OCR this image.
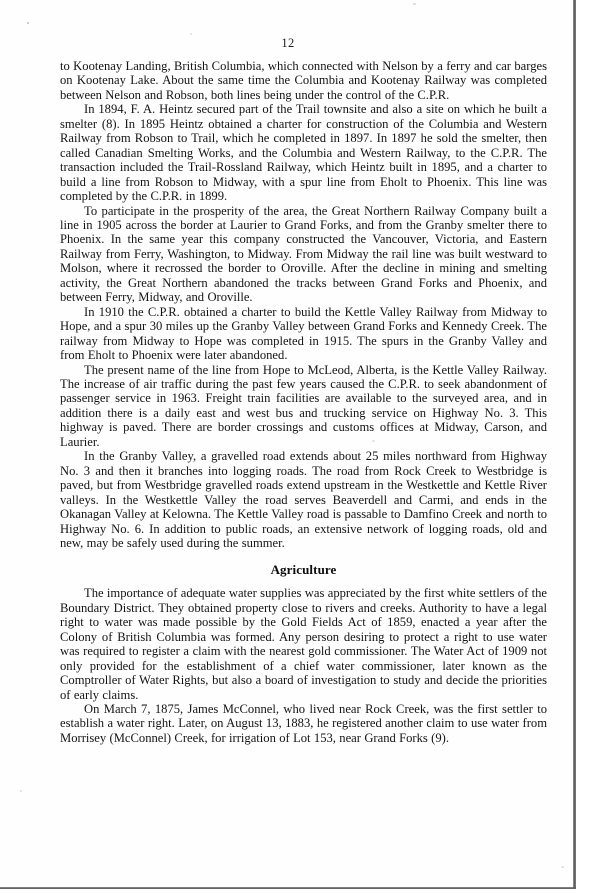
12

to Kootenay Landing, British Columbia, which connected with Nelson by a ferry and car barges on Kootenay Lake. About the same time the Columbia and Kootenay Railway was completed between Nelson and Robson, both lines being under the control of the C.P.R.

In 1894, F. A. Heintz secured part of the Trail townsite and also a site on which he built a smelter (8). In 1895 Heintz obtained a charter for construction of the Columbia and Western Railway from Robson to Trail, which he completed in 1897. In 1897 he sold the smelter, then called Canadian Smelting Works, and the Columbia and Western Railway, to the C.P.R. The transaction included the Trail-Rossland Railway, which Heintz built in 1895, and a charter to build a line from Robson to Midway, with a spur line from Eholt to Phoenix. This line was completed by the C.P.R. in 1899.

To participate in the prosperity of the area, the Great Northern Railway Company built a line in 1905 across the border at Laurier to Grand Forks, and from the Granby smelter there to Phoenix. In the same year this company constructed the Vancouver, Victoria, and Eastern Railway from Ferry, Washington, to Midway. From Midway the rail line was built westward to Molson, where it recrossed the border to Oroville. After the decline in mining and smelting activity, the Great Northern abandoned the tracks between Grand Forks and Phoenix, and between Ferry, Midway, and Oroville.

In 1910 the C.P.R. obtained a charter to build the Kettle Valley Railway from Midway to Hope, and a spur 30 miles up the Granby Valley between Grand Forks and Kennedy Creek. The railway from Midway to Hope was completed in 1915. The spurs in the Granby Valley and from Eholt to Phoenix were later abandoned.

The present name of the line from Hope to McLeod, Alberta, is the Kettle Valley Railway. The increase of air traffic during the past few years caused the C.P.R. to seek abandonment of passenger service in 1963. Freight train facilities are available to the surveyed area, and in addition there is a daily east and west bus and trucking service on Highway No. 3. This highway is paved. There are border crossings and customs offices at Midway, Carson, and Laurier.

In the Granby Valley, a gravelled road extends about 25 miles northward from Highway No. 3 and then it branches into logging roads. The road from Rock Creek to Westbridge is paved, but from Westbridge gravelled roads extend upstream in the Westkettle and Kettle River valleys. In the Westkettle Valley the road serves Beaverdell and Carmi, and ends in the Okanagan Valley at Kelowna. The Kettle Valley road is passable to Damfino Creek and north to Highway No. 6. In addition to public roads, an extensive network of logging roads, old and new, may be safely used during the summer.

Agriculture

The importance of adequate water supplies was appreciated by the first white settlers of the Boundary District. They obtained property close to rivers and creeks. Authority to have a legal right to water was made possible by the Gold Fields Act of 1859, enacted a year after the Colony of British Columbia was formed. Any person desiring to protect a right to use water was required to register a claim with the nearest gold commissioner. The Water Act of 1909 not only provided for the establishment of a chief water commissioner, later known as the Comptroller of Water Rights, but also a board of investigation to study and decide the priorities of early claims.

On March 7, 1875, James McConnel, who lived near Rock Creek, was the first settler to establish a water right. Later, on August 13, 1883, he registered another claim to use water from Morrisey (McConnel) Creek, for irrigation of Lot 153, near Grand Forks (9).
